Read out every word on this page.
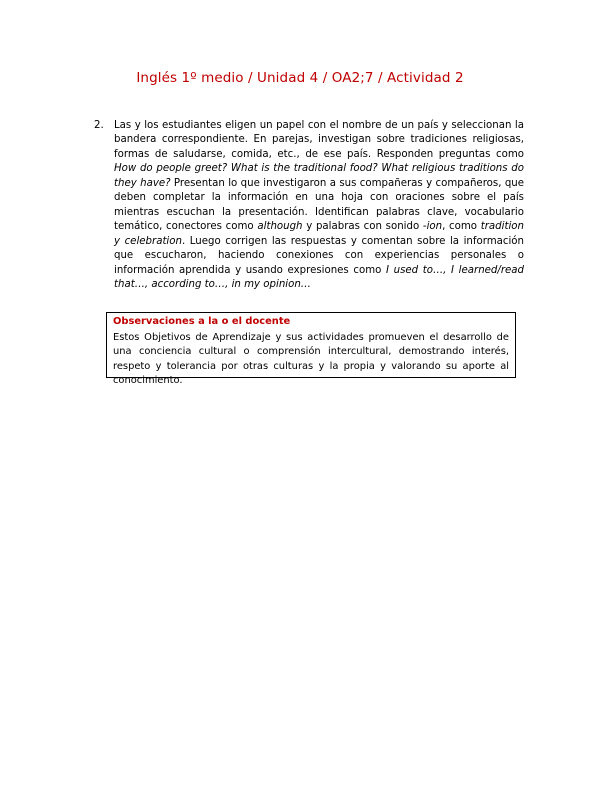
Inglés 1º medio / Unidad 4 / OA2;7 / Actividad 2
2. Las y los estudiantes eligen un papel con el nombre de un país y seleccionan la bandera correspondiente. En parejas, investigan sobre tradiciones religiosas, formas de saludarse, comida, etc., de ese país. Responden preguntas como How do people greet? What is the traditional food? What religious traditions do they have? Presentan lo que investigaron a sus compañeras y compañeros, que deben completar la información en una hoja con oraciones sobre el país mientras escuchan la presentación. Identifican palabras clave, vocabulario temático, conectores como although y palabras con sonido -ion, como tradition y celebration. Luego corrigen las respuestas y comentan sobre la información que escucharon, haciendo conexiones con experiencias personales o información aprendida y usando expresiones como I used to…, I learned/read that…, according to…, in my opinion…
Observaciones a la o el docente
Estos Objetivos de Aprendizaje y sus actividades promueven el desarrollo de una conciencia cultural o comprensión intercultural, demostrando interés, respeto y tolerancia por otras culturas y la propia y valorando su aporte al conocimiento.
